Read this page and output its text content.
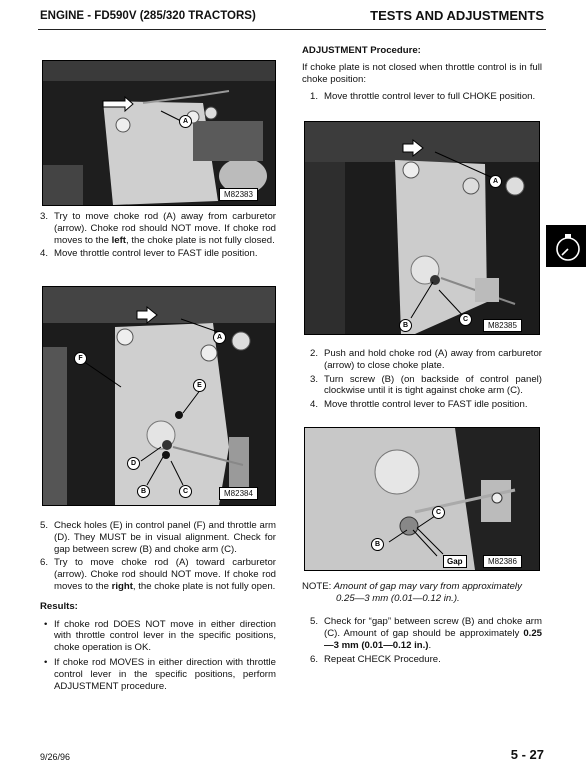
ENGINE - FD590V (285/320 TRACTORS)	TESTS AND ADJUSTMENTS
A
M82383
3. Try to move choke rod (A) away from carburetor (arrow). Choke rod should NOT move. If choke rod moves to the left, the choke plate is not fully closed.
4. Move throttle control lever to FAST idle position.
A
F
E
D
B	C	M82384
5. Check holes (E) in control panel (F) and throttle arm (D). They MUST be in visual alignment. Check for gap between screw (B) and choke arm (C).
6. Try to move choke rod (A) toward carburetor (arrow). Choke rod should NOT move. If choke rod moves to the right, the choke plate is not fully open.
Results:
• If choke rod DOES NOT move in either direction with throttle control lever in the specific positions, choke operation is OK.
• If choke rod MOVES in either direction with throttle control lever in the specific positions, perform ADJUSTMENT procedure.
ADJUSTMENT Procedure:
If choke plate is not closed when throttle control is in full choke position:
1. Move throttle control lever to full CHOKE position.
A
B
C
M82385
2. Push and hold choke rod (A) away from carburetor (arrow) to close choke plate.
3. Turn screw (B) (on backside of control panel) clockwise until it is tight against choke arm (C).
4. Move throttle control lever to FAST idle position.
C
B
Gap	M82386
NOTE: Amount of gap may vary from approximately 0.25—3 mm (0.01—0.12 in.).
5. Check for “gap” between screw (B) and choke arm (C). Amount of gap should be approximately 0.25—3 mm (0.01—0.12 in.).
6. Repeat CHECK Procedure.
9/26/96	5 - 27
